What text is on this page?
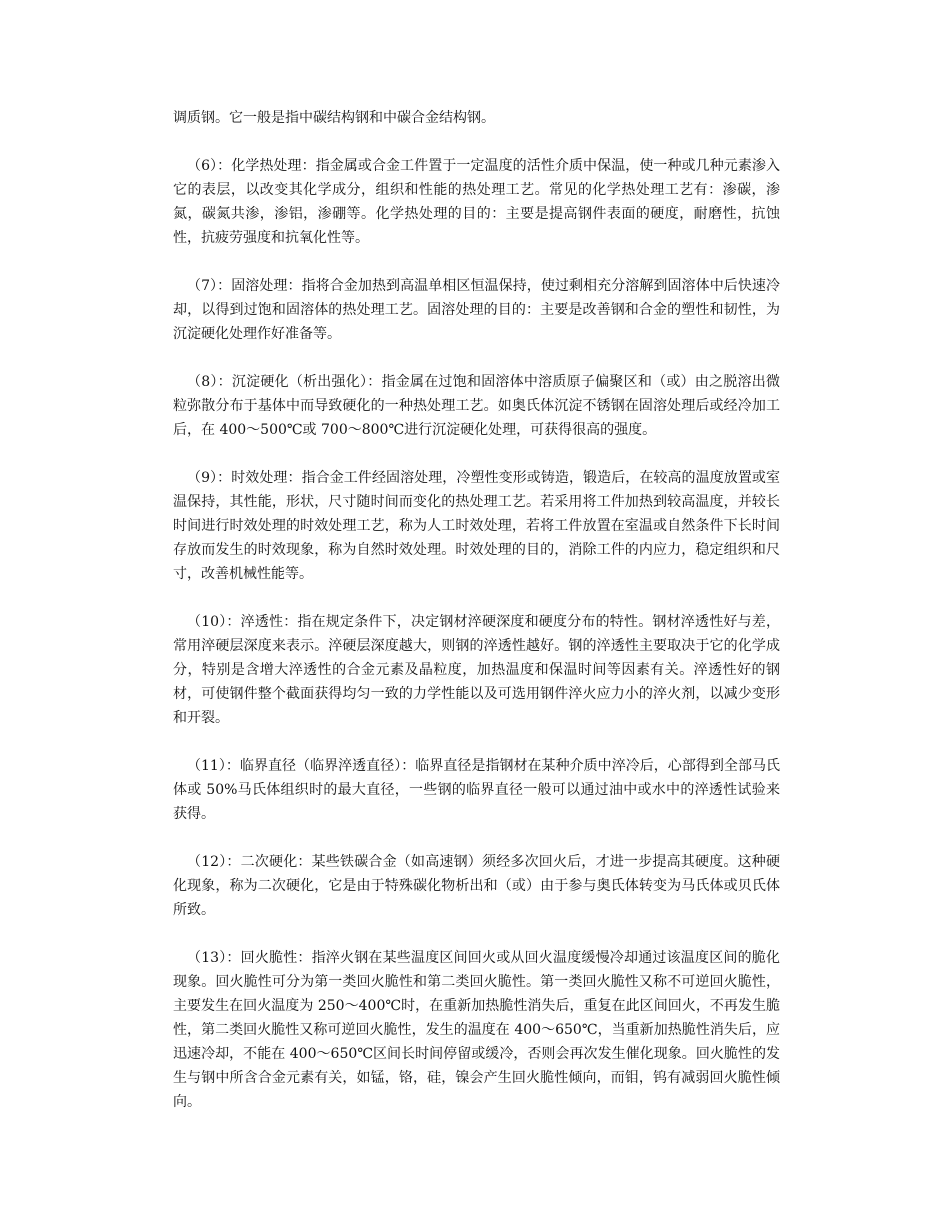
调质钢。它一般是指中碳结构钢和中碳合金结构钢。

（6）：化学热处理：指金属或合金工件置于一定温度的活性介质中保温，使一种或几种元素渗入它的表层，以改变其化学成分，组织和性能的热处理工艺。常见的化学热处理工艺有：渗碳，渗氮，碳氮共渗，渗铝，渗硼等。化学热处理的目的：主要是提高钢件表面的硬度，耐磨性，抗蚀性，抗疲劳强度和抗氧化性等。

（7）：固溶处理：指将合金加热到高温单相区恒温保持，使过剩相充分溶解到固溶体中后快速冷却，以得到过饱和固溶体的热处理工艺。固溶处理的目的：主要是改善钢和合金的塑性和韧性，为沉淀硬化处理作好准备等。

（8）：沉淀硬化（析出强化）：指金属在过饱和固溶体中溶质原子偏聚区和（或）由之脱溶出微粒弥散分布于基体中而导致硬化的一种热处理工艺。如奥氏体沉淀不锈钢在固溶处理后或经冷加工后，在 400～500℃或 700～800℃进行沉淀硬化处理，可获得很高的强度。

（9）：时效处理：指合金工件经固溶处理，冷塑性变形或铸造，锻造后，在较高的温度放置或室温保持，其性能，形状，尺寸随时间而变化的热处理工艺。若采用将工件加热到较高温度，并较长时间进行时效处理的时效处理工艺，称为人工时效处理，若将工件放置在室温或自然条件下长时间存放而发生的时效现象，称为自然时效处理。时效处理的目的，消除工件的内应力，稳定组织和尺寸，改善机械性能等。

（10）：淬透性：指在规定条件下，决定钢材淬硬深度和硬度分布的特性。钢材淬透性好与差，常用淬硬层深度来表示。淬硬层深度越大，则钢的淬透性越好。钢的淬透性主要取决于它的化学成分，特别是含增大淬透性的合金元素及晶粒度，加热温度和保温时间等因素有关。淬透性好的钢材，可使钢件整个截面获得均匀一致的力学性能以及可选用钢件淬火应力小的淬火剂，以减少变形和开裂。

（11）：临界直径（临界淬透直径）：临界直径是指钢材在某种介质中淬冷后，心部得到全部马氏体或 50%马氏体组织时的最大直径，一些钢的临界直径一般可以通过油中或水中的淬透性试验来获得。

（12）：二次硬化：某些铁碳合金（如高速钢）须经多次回火后，才进一步提高其硬度。这种硬化现象，称为二次硬化，它是由于特殊碳化物析出和（或）由于参与奥氏体转变为马氏体或贝氏体所致。

（13）：回火脆性：指淬火钢在某些温度区间回火或从回火温度缓慢冷却通过该温度区间的脆化现象。回火脆性可分为第一类回火脆性和第二类回火脆性。第一类回火脆性又称不可逆回火脆性，主要发生在回火温度为 250～400℃时，在重新加热脆性消失后，重复在此区间回火，不再发生脆性，第二类回火脆性又称可逆回火脆性，发生的温度在 400～650℃，当重新加热脆性消失后，应迅速冷却，不能在 400～650℃区间长时间停留或缓冷，否则会再次发生催化现象。回火脆性的发生与钢中所含合金元素有关，如锰，铬，硅，镍会产生回火脆性倾向，而钼，钨有减弱回火脆性倾向。
